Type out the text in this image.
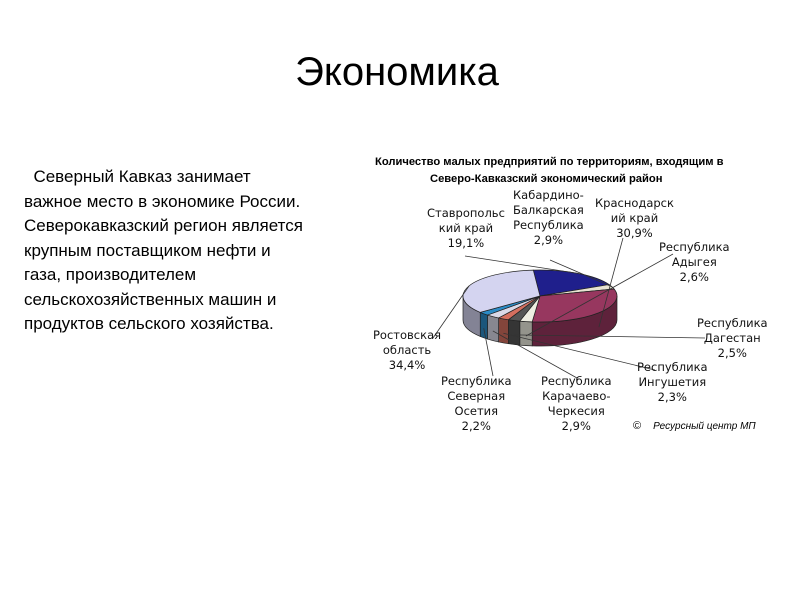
Экономика
Северный Кавказ занимает
важное место в экономике России.
Северокавказский регион является
крупным поставщиком нефти и
газа, производителем
сельскохозяйственных машин и
продуктов сельского хозяйства.
Количество малых предприятий по территориям, входящим в
Северо-Кавказский экономический район
Ставропольс
кий край
19,1%
Кабардино-
Балкарская
Республика
2,9%
Краснодарск
ий край
30,9%
Республика
Адыгея
2,6%
Республика
Дагестан
2,5%
Республика
Ингушетия
2,3%
Республика
Карачаево-
Черкесия
2,9%
Республика
Северная
Осетия
2,2%
Ростовская
область
34,4%
© Ресурсный центр МП
